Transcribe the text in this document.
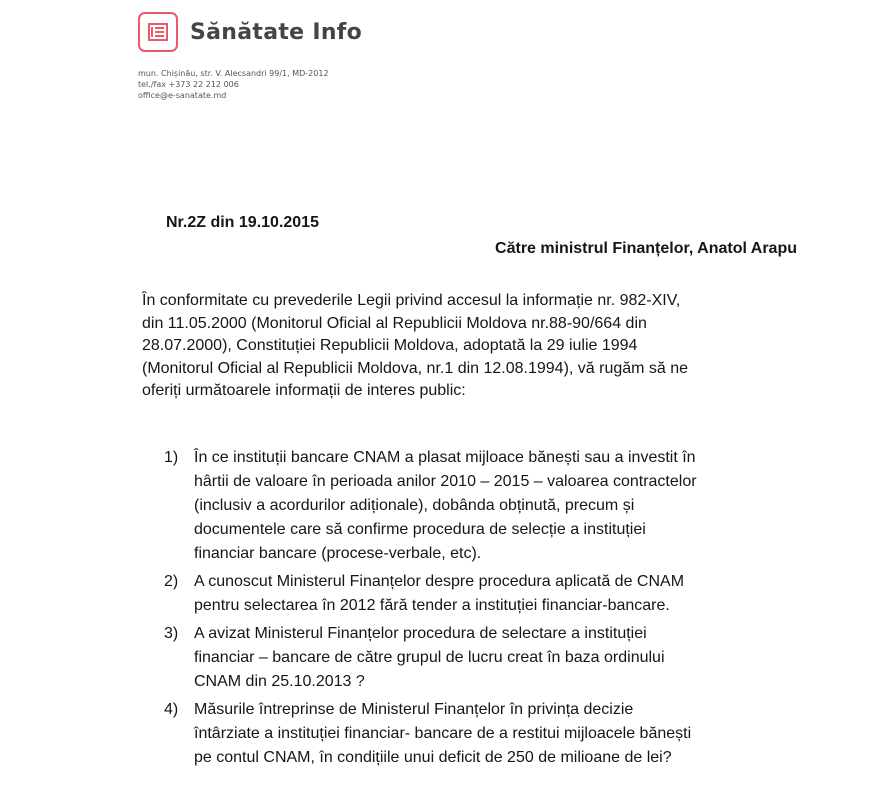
Sănătate Info
mun. Chișinău, str. V. Alecsandri 99/1, MD-2012
tel./fax +373 22 212 006
office@e-sanatate.md
Nr.2Z din 19.10.2015
Către ministrul Finanțelor, Anatol Arapu
În conformitate cu prevederile Legii privind accesul la informație nr. 982-XIV,
din 11.05.2000 (Monitorul Oficial al Republicii Moldova nr.88-90/664 din
28.07.2000), Constituției Republicii Moldova, adoptată la 29 iulie 1994
(Monitorul Oficial al Republicii Moldova, nr.1 din 12.08.1994), vă rugăm să ne
oferiți următoarele informații de interes public:
1) În ce instituții bancare CNAM a plasat mijloace bănești sau a investit în
hârtii de valoare în perioada anilor 2010 – 2015 – valoarea contractelor
(inclusiv a acordurilor adiționale), dobânda obținută, precum și
documentele care să confirme procedura de selecție a instituției
financiar bancare (procese-verbale, etc).
2) A cunoscut Ministerul Finanțelor despre procedura aplicată de CNAM
pentru selectarea în 2012 fără tender a instituției financiar-bancare.
3) A avizat Ministerul Finanțelor procedura de selectare a instituției
financiar – bancare de către grupul de lucru creat în baza ordinului
CNAM din 25.10.2013 ?
4) Măsurile întreprinse de Ministerul Finanțelor în privința decizie
întârziate a instituției financiar- bancare de a restitui mijloacele bănești
pe contul CNAM, în condițiile unui deficit de 250 de milioane de lei?
